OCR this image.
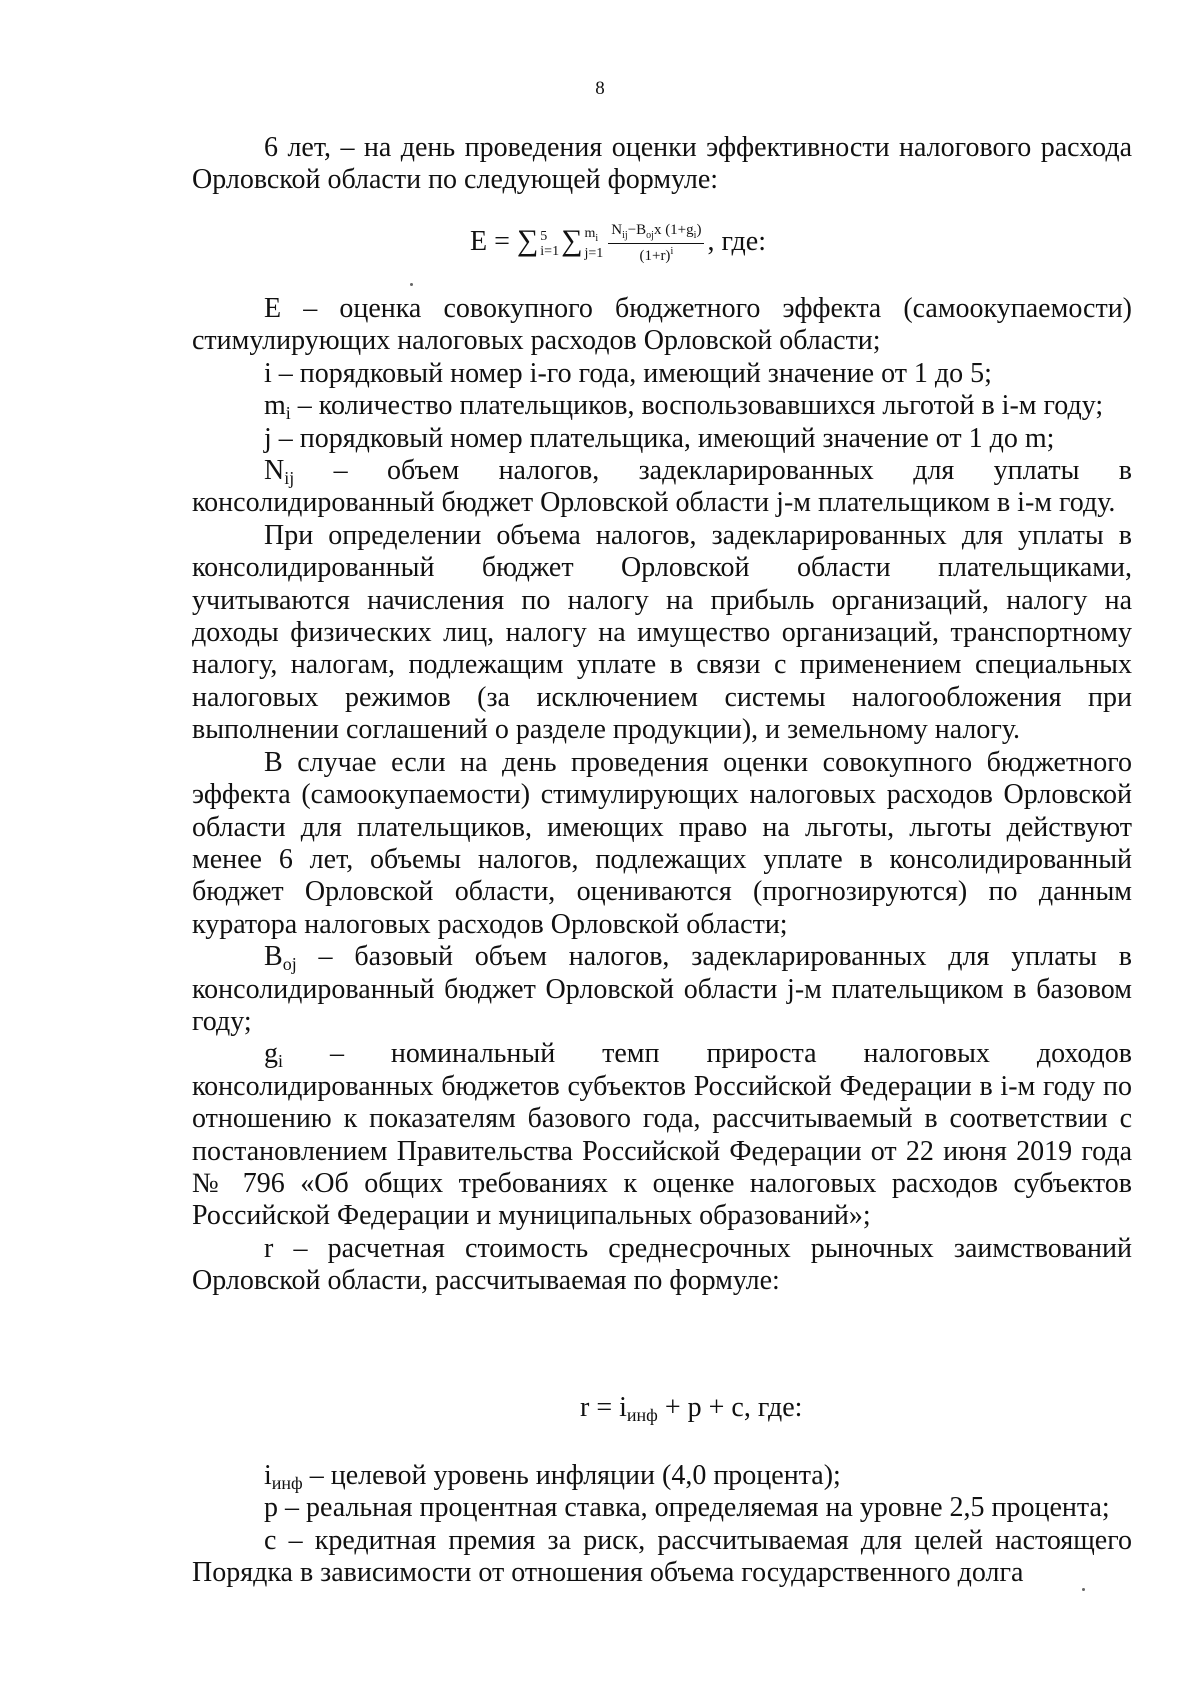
8

6 лет, – на день проведения оценки эффективности налогового расхода Орловской области по следующей формуле:

E = ∑ 5
i=1∑ $m_i$
$j=1 \frac{N_{ij}-B_{oj}x (1+g_i)}{(1+r)^i}$ , где:

E – оценка совокупного бюджетного эффекта (самоокупаемости) стимулирующих налоговых расходов Орловской области;

i – порядковый номер i-го года, имеющий значение от 1 до 5;

$m_i$ – количество плательщиков, воспользовавшихся льготой в i-м году;

j – порядковый номер плательщика, имеющий значение от 1 до m;

$N_{ij}$ – объем налогов, задекларированных для уплаты в консолидированный бюджет Орловской области j-м плательщиком в i-м году.

При определении объема налогов, задекларированных для уплаты в консолидированный бюджет Орловской области плательщиками, учитываются начисления по налогу на прибыль организаций, налогу на доходы физических лиц, налогу на имущество организаций, транспортному налогу, налогам, подлежащим уплате в связи с применением специальных налоговых режимов (за исключением системы налогообложения при выполнении соглашений о разделе продукции), и земельному налогу.

В случае если на день проведения оценки совокупного бюджетного эффекта (самоокупаемости) стимулирующих налоговых расходов Орловской области для плательщиков, имеющих право на льготы, льготы действуют менее 6 лет, объемы налогов, подлежащих уплате в консолидированный бюджет Орловской области, оцениваются (прогнозируются) по данным куратора налоговых расходов Орловской области;

$B_{oj}$ – базовый объем налогов, задекларированных для уплаты в консолидированный бюджет Орловской области j-м плательщиком в базовом году;

$g_i$ – номинальный темп прироста налоговых доходов консолидированных бюджетов субъектов Российской Федерации в i-м году по отношению к показателям базового года, рассчитываемый в соответствии с постановлением Правительства Российской Федерации от 22 июня 2019 года № 796 «Об общих требованиях к оценке налоговых расходов субъектов Российской Федерации и муниципальных образований»;

r – расчетная стоимость среднесрочных рыночных заимствований Орловской области, рассчитываемая по формуле:

$r = i_{инф} + p + c$, где:

$i_{инф}$ – целевой уровень инфляции (4,0 процента);

p – реальная процентная ставка, определяемая на уровне 2,5 процента;

c – кредитная премия за риск, рассчитываемая для целей настоящего Порядка в зависимости от отношения объема государственного долга
